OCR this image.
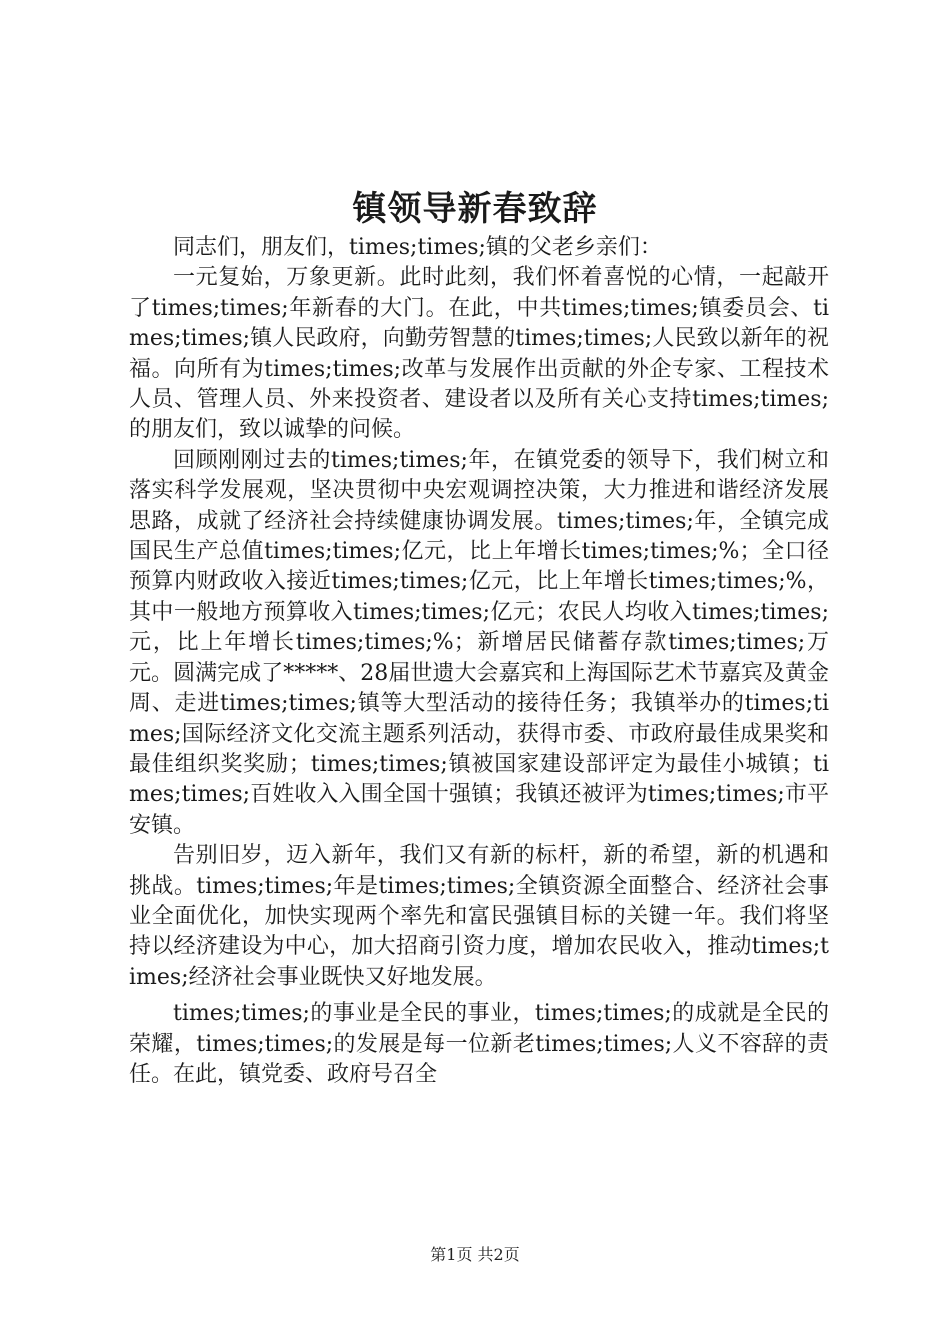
镇领导新春致辞

同志们，朋友们，times;times;镇的父老乡亲们：

一元复始，万象更新。此时此刻，我们怀着喜悦的心情，一起敲开了times;times;年新春的大门。在此，中共times;times;镇委员会、times;times;镇人民政府，向勤劳智慧的times;times;人民致以新年的祝福。向所有为times;times;改革与发展作出贡献的外企专家、工程技术人员、管理人员、外来投资者、建设者以及所有关心支持times;times;的朋友们，致以诚挚的问候。

回顾刚刚过去的times;times;年，在镇党委的领导下，我们树立和落实科学发展观，坚决贯彻中央宏观调控决策，大力推进和谐经济发展思路，成就了经济社会持续健康协调发展。times;times;年，全镇完成国民生产总值times;times;亿元，比上年增长times;times;%；全口径预算内财政收入接近times;times;亿元，比上年增长times;times;%，其中一般地方预算收入times;times;亿元；农民人均收入times;times;元，比上年增长times;times;%；新增居民储蓄存款times;times;万元。圆满完成了*****、28届世遗大会嘉宾和上海国际艺术节嘉宾及黄金周、走进times;times;镇等大型活动的接待任务；我镇举办的times;times;国际经济文化交流主题系列活动，获得市委、市政府最佳成果奖和最佳组织奖奖励；times;times;镇被国家建设部评定为最佳小城镇；times;times;百姓收入入围全国十强镇；我镇还被评为times;times;市平安镇。

告别旧岁，迈入新年，我们又有新的标杆，新的希望，新的机遇和挑战。times;times;年是times;times;全镇资源全面整合、经济社会事业全面优化，加快实现两个率先和富民强镇目标的关键一年。我们将坚持以经济建设为中心，加大招商引资力度，增加农民收入，推动times;times;经济社会事业既快又好地发展。

times;times;的事业是全民的事业，times;times;的成就是全民的荣耀，times;times;的发展是每一位新老times;times;人义不容辞的责任。在此，镇党委、政府号召全

第1页 共2页
